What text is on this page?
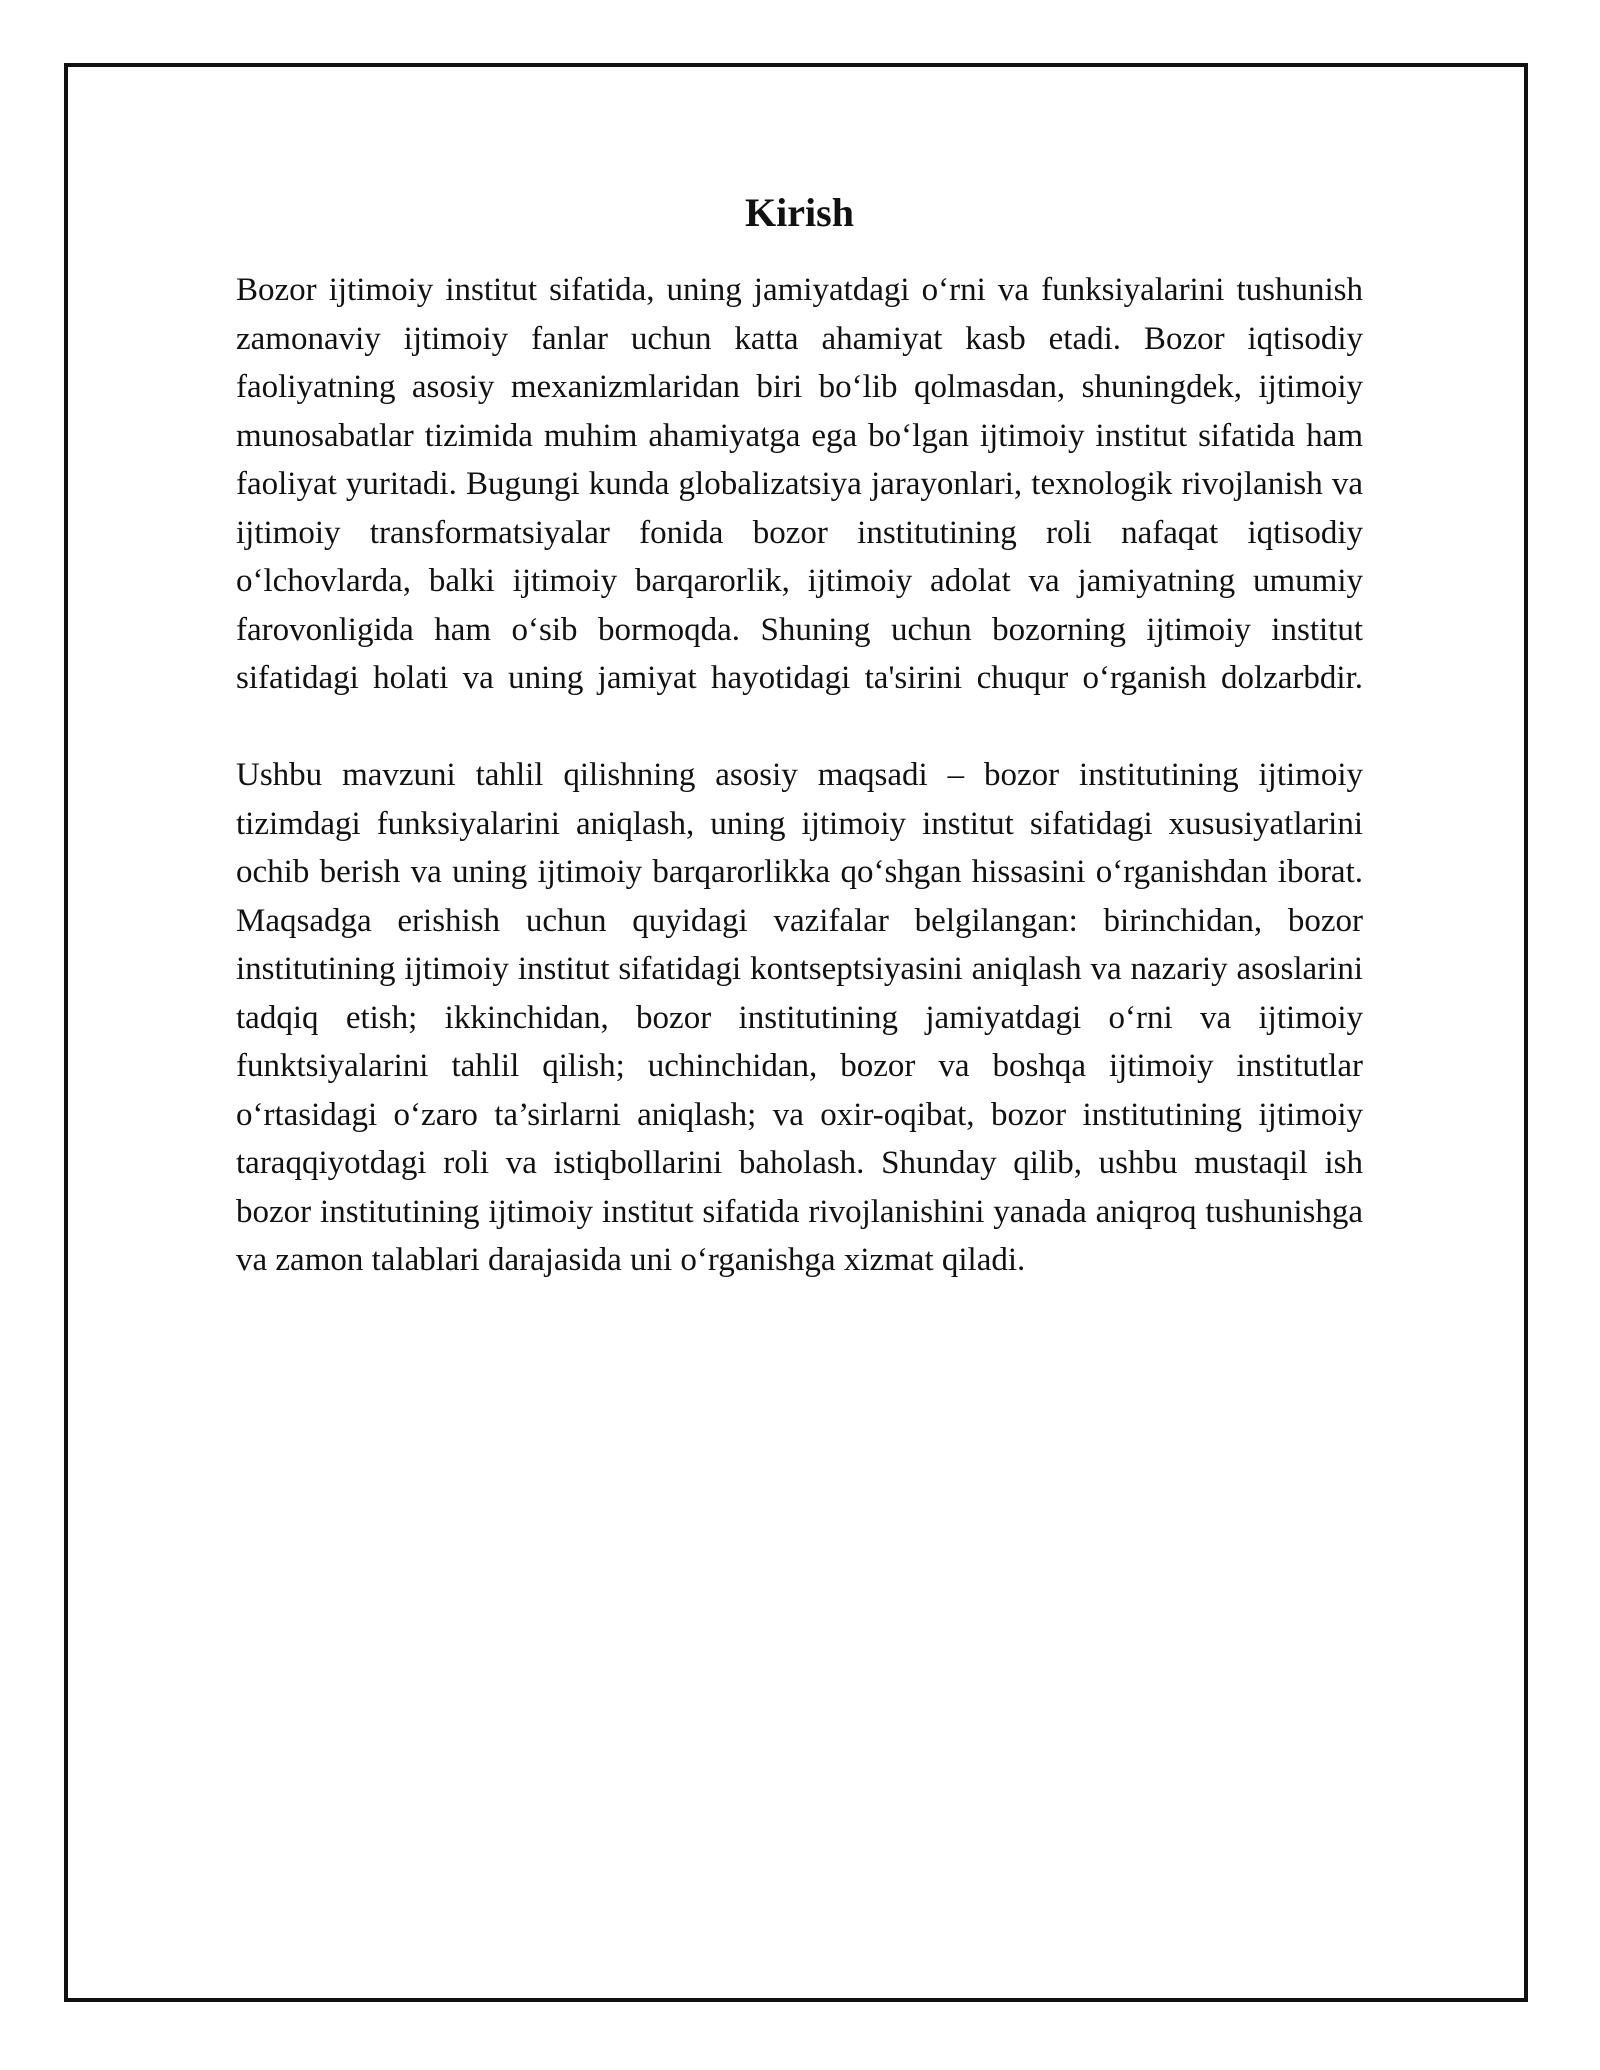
Kirish

Bozor ijtimoiy institut sifatida, uning jamiyatdagi o‘rni va funksiyalarini tushunish zamonaviy ijtimoiy fanlar uchun katta ahamiyat kasb etadi. Bozor iqtisodiy faoliyatning asosiy mexanizmlaridan biri bo‘lib qolmasdan, shuningdek, ijtimoiy munosabatlar tizimida muhim ahamiyatga ega bo‘lgan ijtimoiy institut sifatida ham faoliyat yuritadi. Bugungi kunda globalizatsiya jarayonlari, texnologik rivojlanish va ijtimoiy transformatsiyalar fonida bozor institutining roli nafaqat iqtisodiy o‘lchovlarda, balki ijtimoiy barqarorlik, ijtimoiy adolat va jamiyatning umumiy farovonligida ham o‘sib bormoqda. Shuning uchun bozorning ijtimoiy institut sifatidagi holati va uning jamiyat hayotidagi ta'sirini chuqur o‘rganish dolzarbdir.

Ushbu mavzuni tahlil qilishning asosiy maqsadi – bozor institutining ijtimoiy tizimdagi funksiyalarini aniqlash, uning ijtimoiy institut sifatidagi xususiyatlarini ochib berish va uning ijtimoiy barqarorlikka qo‘shgan hissasini o‘rganishdan iborat. Maqsadga erishish uchun quyidagi vazifalar belgilangan: birinchidan, bozor institutining ijtimoiy institut sifatidagi kontseptsiyasini aniqlash va nazariy asoslarini tadqiq etish; ikkinchidan, bozor institutining jamiyatdagi o‘rni va ijtimoiy funktsiyalarini tahlil qilish; uchinchidan, bozor va boshqa ijtimoiy institutlar o‘rtasidagi o‘zaro ta’sirlarni aniqlash; va oxir-oqibat, bozor institutining ijtimoiy taraqqiyotdagi roli va istiqbollarini baholash. Shunday qilib, ushbu mustaqil ish bozor institutining ijtimoiy institut sifatida rivojlanishini yanada aniqroq tushunishga va zamon talablari darajasida uni o‘rganishga xizmat qiladi.
